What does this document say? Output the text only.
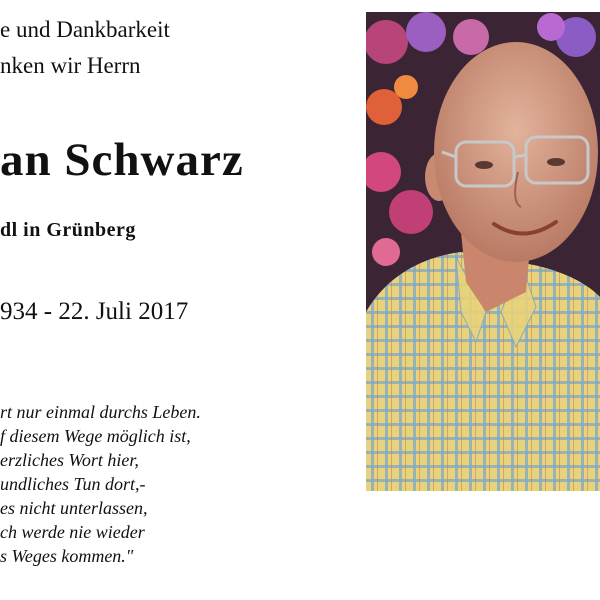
e und Dankbarkeit
nken wir Herrn
an Schwarz
dl in Grünberg
934 - 22. Juli 2017
rt nur einmal durchs Leben.
f diesem Wege möglich ist,
erzliches Wort hier,
undliches Tun dort,-
es nicht unterlassen,
ch werde nie wieder
s Weges kommen."
